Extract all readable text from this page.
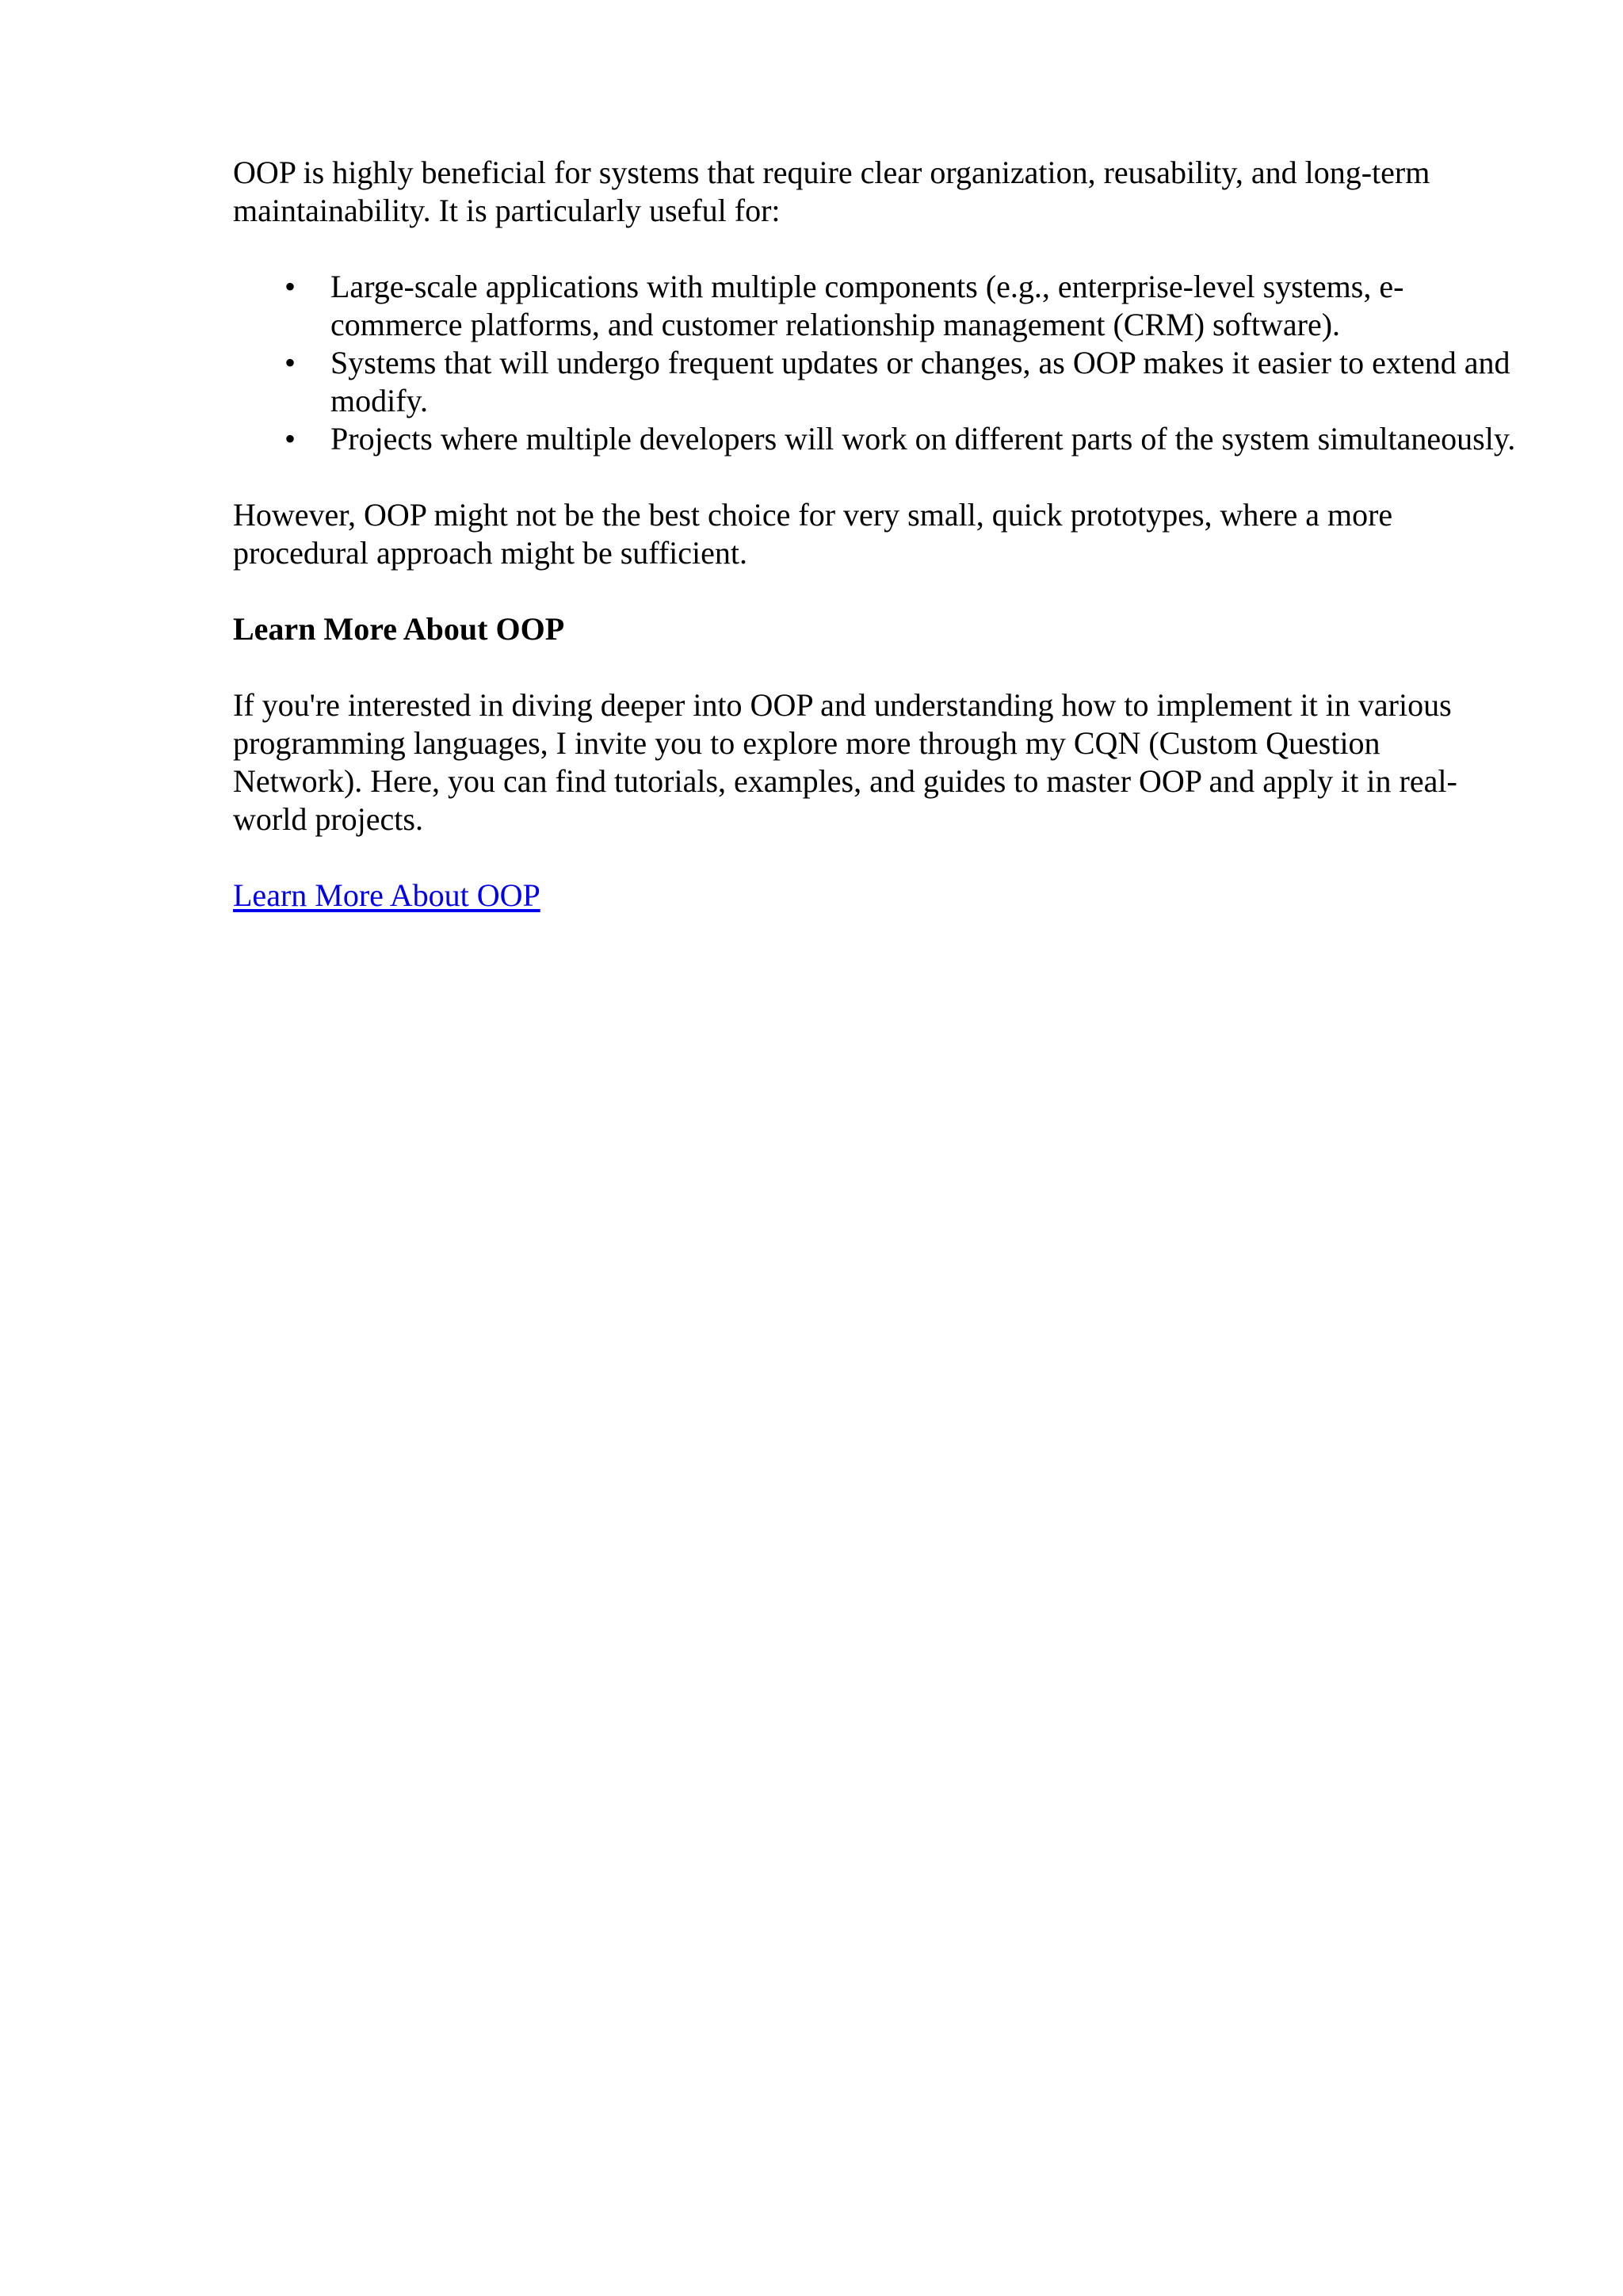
OOP is highly beneficial for systems that require clear organization, reusability, and long-term maintainability. It is particularly useful for:

• Large-scale applications with multiple components (e.g., enterprise-level systems, e-commerce platforms, and customer relationship management (CRM) software).
• Systems that will undergo frequent updates or changes, as OOP makes it easier to extend and modify.
• Projects where multiple developers will work on different parts of the system simultaneously.

However, OOP might not be the best choice for very small, quick prototypes, where a more procedural approach might be sufficient.

Learn More About OOP

If you're interested in diving deeper into OOP and understanding how to implement it in various programming languages, I invite you to explore more through my CQN (Custom Question Network). Here, you can find tutorials, examples, and guides to master OOP and apply it in real-world projects.

Learn More About OOP
